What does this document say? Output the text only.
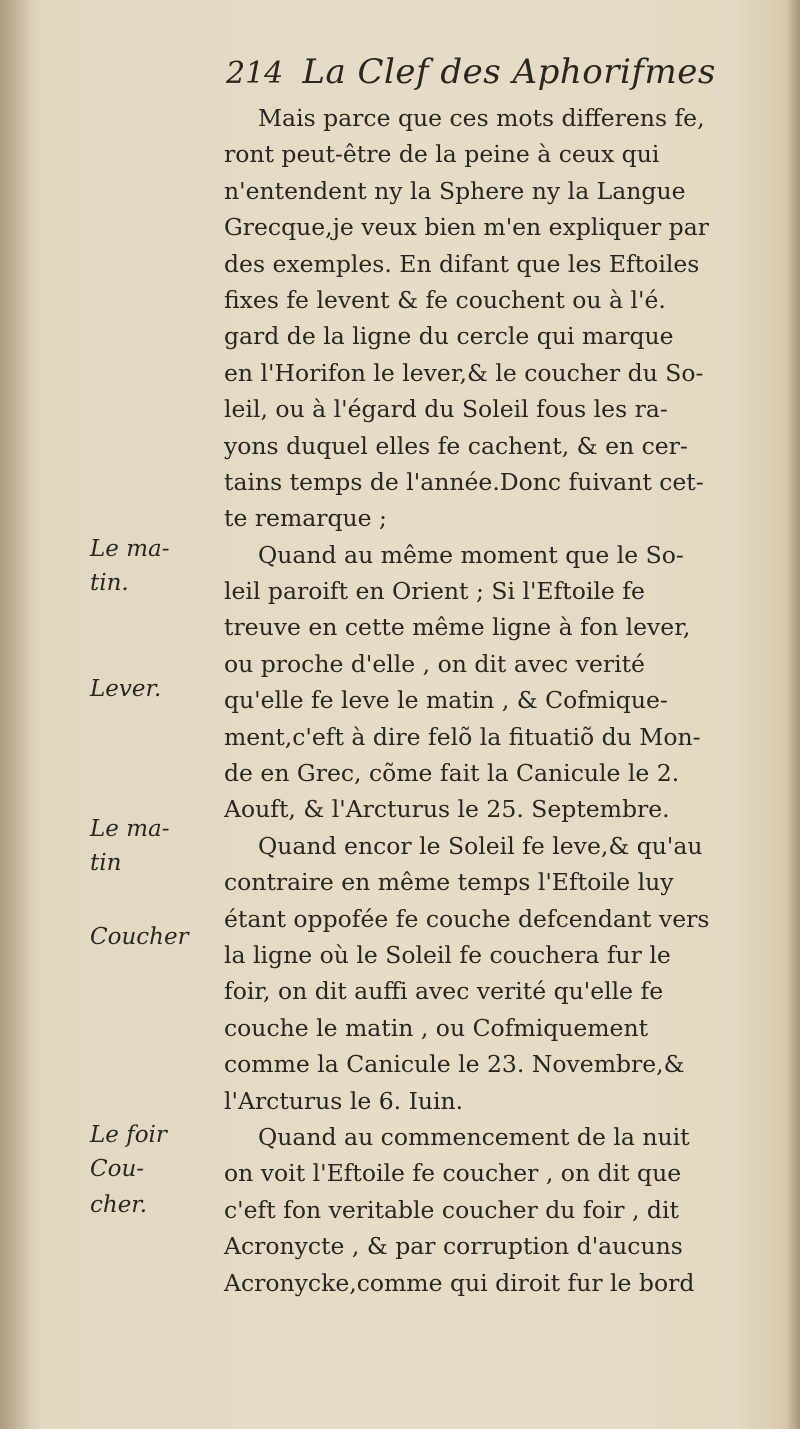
214 La Clef des Aphorifmes
Le ma-
tin.
Lever.
Le ma-
tin
Coucher
Le foir
Cou-
cher.
Mais parce que ces mots differens fe,
ront peut-être de la peine à ceux qui
n'entendent ny la Sphere ny la Langue
Grecque,je veux bien m'en expliquer par
des exemples. En difant que les Eftoiles
fixes fe levent & fe couchent ou à l'é.
gard de la ligne du cercle qui marque
en l'Horifon le lever,& le coucher du So-
leil, ou à l'égard du Soleil fous les ra-
yons duquel elles fe cachent, & en cer-
tains temps de l'année.Donc fuivant cet-
te remarque ;
Quand au même moment que le So-
leil paroift en Orient ; Si l'Eftoile fe
treuve en cette même ligne à fon lever,
ou proche d'elle , on dit avec verité
qu'elle fe leve le matin , & Cofmique-
ment,c'eft à dire felõ la fituatiõ du Mon-
de en Grec, cõme fait la Canicule le 2.
Aouft, & l'Arcturus le 25. Septembre.
Quand encor le Soleil fe leve,& qu'au
contraire en même temps l'Eftoile luy
étant oppofée fe couche defcendant vers
la ligne où le Soleil fe couchera fur le
foir, on dit auffi avec verité qu'elle fe
couche le matin , ou Cofmiquement
comme la Canicule le 23. Novembre,&
l'Arcturus le 6. Iuin.
Quand au commencement de la nuit
on voit l'Eftoile fe coucher , on dit que
c'eft fon veritable coucher du foir , dit
Acronycte , & par corruption d'aucuns
Acronycke,comme qui diroit fur le bord
